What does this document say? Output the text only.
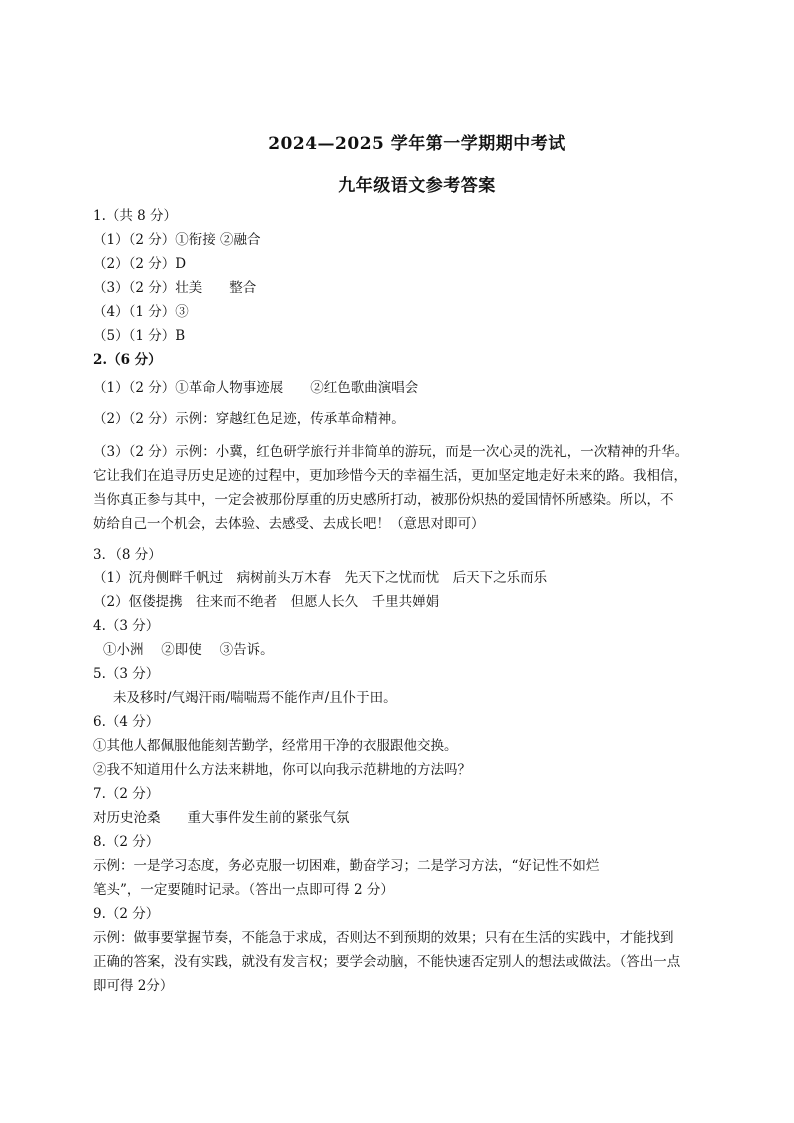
2024—2025 学年第一学期期中考试
九年级语文参考答案
1.（共 8 分）
（1）（2 分）①衔接 ②融合
（2）（2 分）D
（3）（2 分）壮美　　整合
（4）（1 分）③
（5）（1 分）B
2.（6 分）
（1）（2 分）①革命人物事迹展　　②红色歌曲演唱会
（2）（2 分）示例：穿越红色足迹，传承革命精神。
（3）（2 分）示例：小冀，红色研学旅行并非简单的游玩，而是一次心灵的洗礼，一次精神的升华。
它让我们在追寻历史足迹的过程中，更加珍惜今天的幸福生活，更加坚定地走好未来的路。我相信，
当你真正参与其中，一定会被那份厚重的历史感所打动，被那份炽热的爱国情怀所感染。所以，不
妨给自己一个机会，去体验、去感受、去成长吧！（意思对即可）
3．（8 分）
（1）沉舟侧畔千帆过　病树前头万木春　先天下之忧而忧　后天下之乐而乐
（2）伛偻提携　往来而不绝者　但愿人长久　千里共婵娟
4.（3 分）
①小洲　 ②即使　 ③告诉。
5.（3 分）
未及移时/气竭汗雨/喘喘焉不能作声/且仆于田。
6.（4 分）
①其他人都佩服他能刻苦勤学，经常用干净的衣服跟他交换。
②我不知道用什么方法来耕地，你可以向我示范耕地的方法吗？
7.（2 分）
对历史沧桑　　重大事件发生前的紧张气氛
8.（2 分）
示例：一是学习态度，务必克服一切困难，勤奋学习；二是学习方法，“好记性不如烂
笔头”，一定要随时记录。（答出一点即可得 2 分）
9.（2 分）
示例：做事要掌握节奏，不能急于求成，否则达不到预期的效果；只有在生活的实践中，才能找到
正确的答案，没有实践，就没有发言权；要学会动脑，不能快速否定别人的想法或做法。（答出一点
即可得 2分）
